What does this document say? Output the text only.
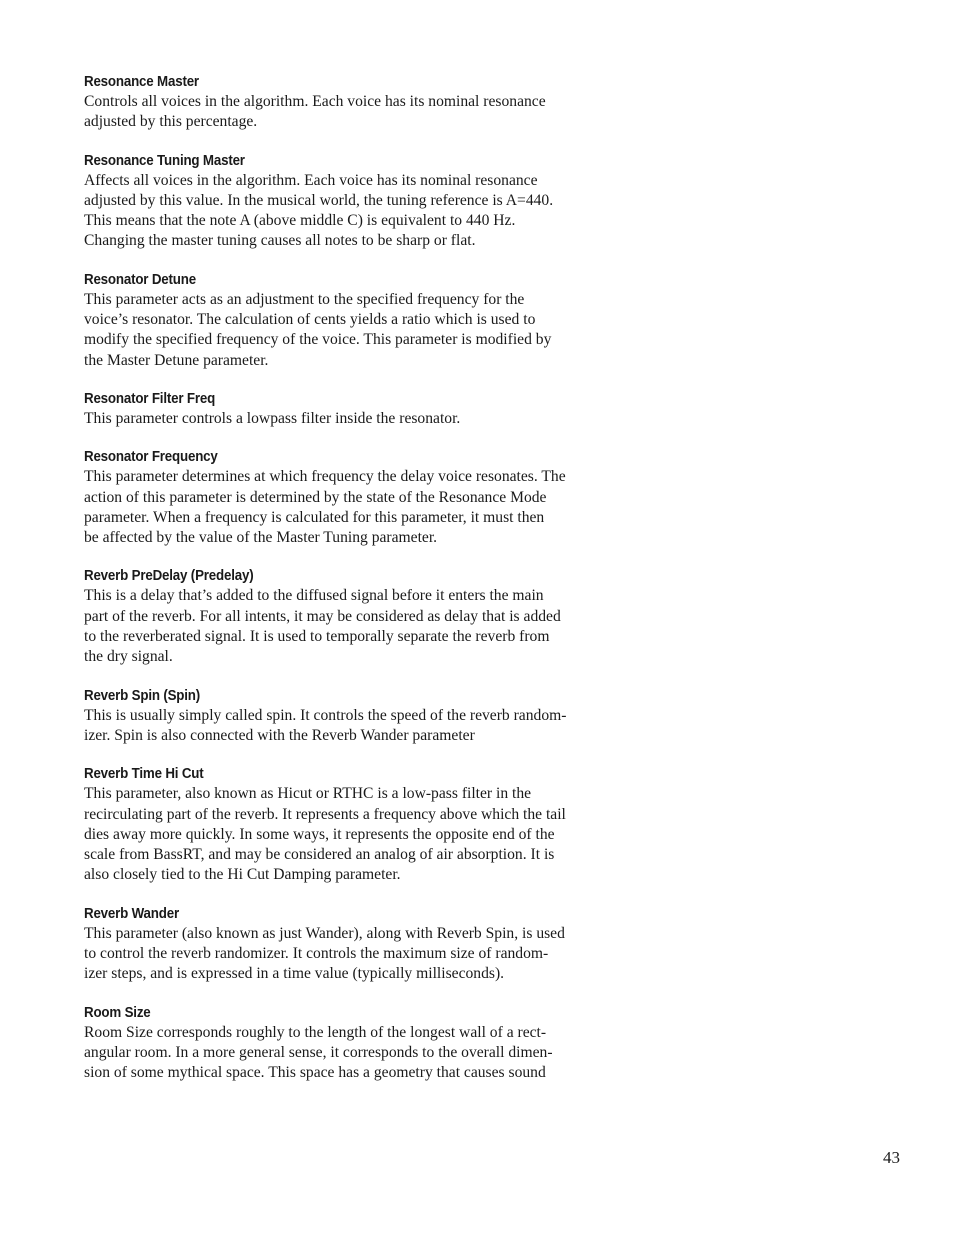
Resonance Master
Controls all voices in the algorithm. Each voice has its nominal resonance
adjusted by this percentage.
Resonance Tuning Master
Affects all voices in the algorithm. Each voice has its nominal resonance
adjusted by this value. In the musical world, the tuning reference is A=440.
This means that the note A (above middle C) is equivalent to 440 Hz.
Changing the master tuning causes all notes to be sharp or flat.
Resonator Detune
This parameter acts as an adjustment to the specified frequency for the
voice’s resonator. The calculation of cents yields a ratio which is used to
modify the specified frequency of the voice. This parameter is modified by
the Master Detune parameter.
Resonator Filter Freq
This parameter controls a lowpass filter inside the resonator.
Resonator Frequency
This parameter determines at which frequency the delay voice resonates. The
action of this parameter is determined by the state of the Resonance Mode
parameter. When a frequency is calculated for this parameter, it must then
be affected by the value of the Master Tuning parameter.
Reverb PreDelay (Predelay)
This is a delay that’s added to the diffused signal before it enters the main
part of the reverb. For all intents, it may be considered as delay that is added
to the reverberated signal. It is used to temporally separate the reverb from
the dry signal.
Reverb Spin (Spin)
This is usually simply called spin. It controls the speed of the reverb random-
izer. Spin is also connected with the Reverb Wander parameter
Reverb Time Hi Cut
This parameter, also known as Hicut or RTHC is a low-pass filter in the
recirculating part of the reverb. It represents a frequency above which the tail
dies away more quickly. In some ways, it represents the opposite end of the
scale from BassRT, and may be considered an analog of air absorption. It is
also closely tied to the Hi Cut Damping parameter.
Reverb Wander
This parameter (also known as just Wander), along with Reverb Spin, is used
to control the reverb randomizer. It controls the maximum size of random-
izer steps, and is expressed in a time value (typically milliseconds).
Room Size
Room Size corresponds roughly to the length of the longest wall of a rect-
angular room. In a more general sense, it corresponds to the overall dimen-
sion of some mythical space. This space has a geometry that causes sound
43
